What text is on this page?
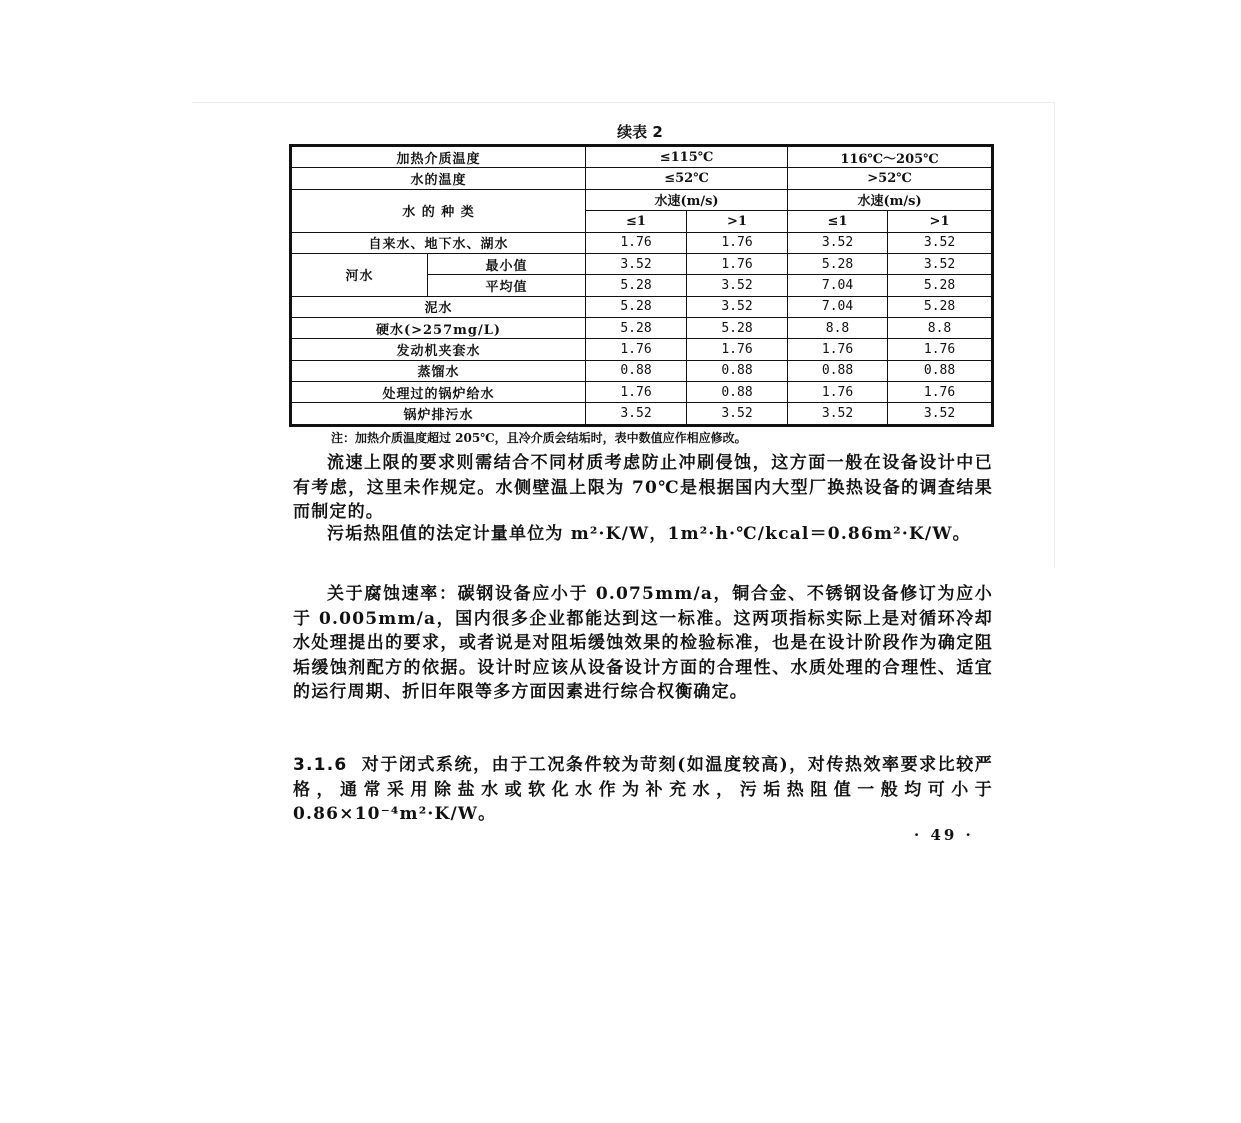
续表 2
加热介质温度		≤115℃		116℃～205℃	
水的温度		≤52℃		>52℃	
水 的 种 类		水速(m/s)		水速(m/s)	
		≤1	>1	≤1	>1
自来水、地下水、湖水		1.76	1.76	3.52	3.52
河水	最小值	3.52	1.76	5.28	3.52
	平均值	5.28	3.52	7.04	5.28
泥水		5.28	3.52	7.04	5.28
硬水(>257mg/L)		5.28	5.28	8.8	8.8
发动机夹套水		1.76	1.76	1.76	1.76
蒸馏水		0.88	0.88	0.88	0.88
处理过的锅炉给水		1.76	0.88	1.76	1.76
锅炉排污水		3.52	3.52	3.52	3.52
注：加热介质温度超过 205℃，且冷介质会结垢时，表中数值应作相应修改。

流速上限的要求则需结合不同材质考虑防止冲刷侵蚀，这方面一般在设备设计中已有考虑，这里未作规定。水侧壁温上限为 70℃是根据国内大型厂换热设备的调查结果而制定的。

污垢热阻值的法定计量单位为 m²·K/W，1m²·h·℃/kcal＝0.86m²·K/W。

关于腐蚀速率：碳钢设备应小于 0.075mm/a，铜合金、不锈钢设备修订为应小于 0.005mm/a，国内很多企业都能达到这一标准。这两项指标实际上是对循环冷却水处理提出的要求，或者说是对阻垢缓蚀效果的检验标准，也是在设计阶段作为确定阻垢缓蚀剂配方的依据。设计时应该从设备设计方面的合理性、水质处理的合理性、适宜的运行周期、折旧年限等多方面因素进行综合权衡确定。

3.1.6 对于闭式系统，由于工况条件较为苛刻(如温度较高)，对传热效率要求比较严格，通常采用除盐水或软化水作为补充水，污垢热阻值一般均可小于 0.86×10⁻⁴m²·K/W。

· 49 ·
